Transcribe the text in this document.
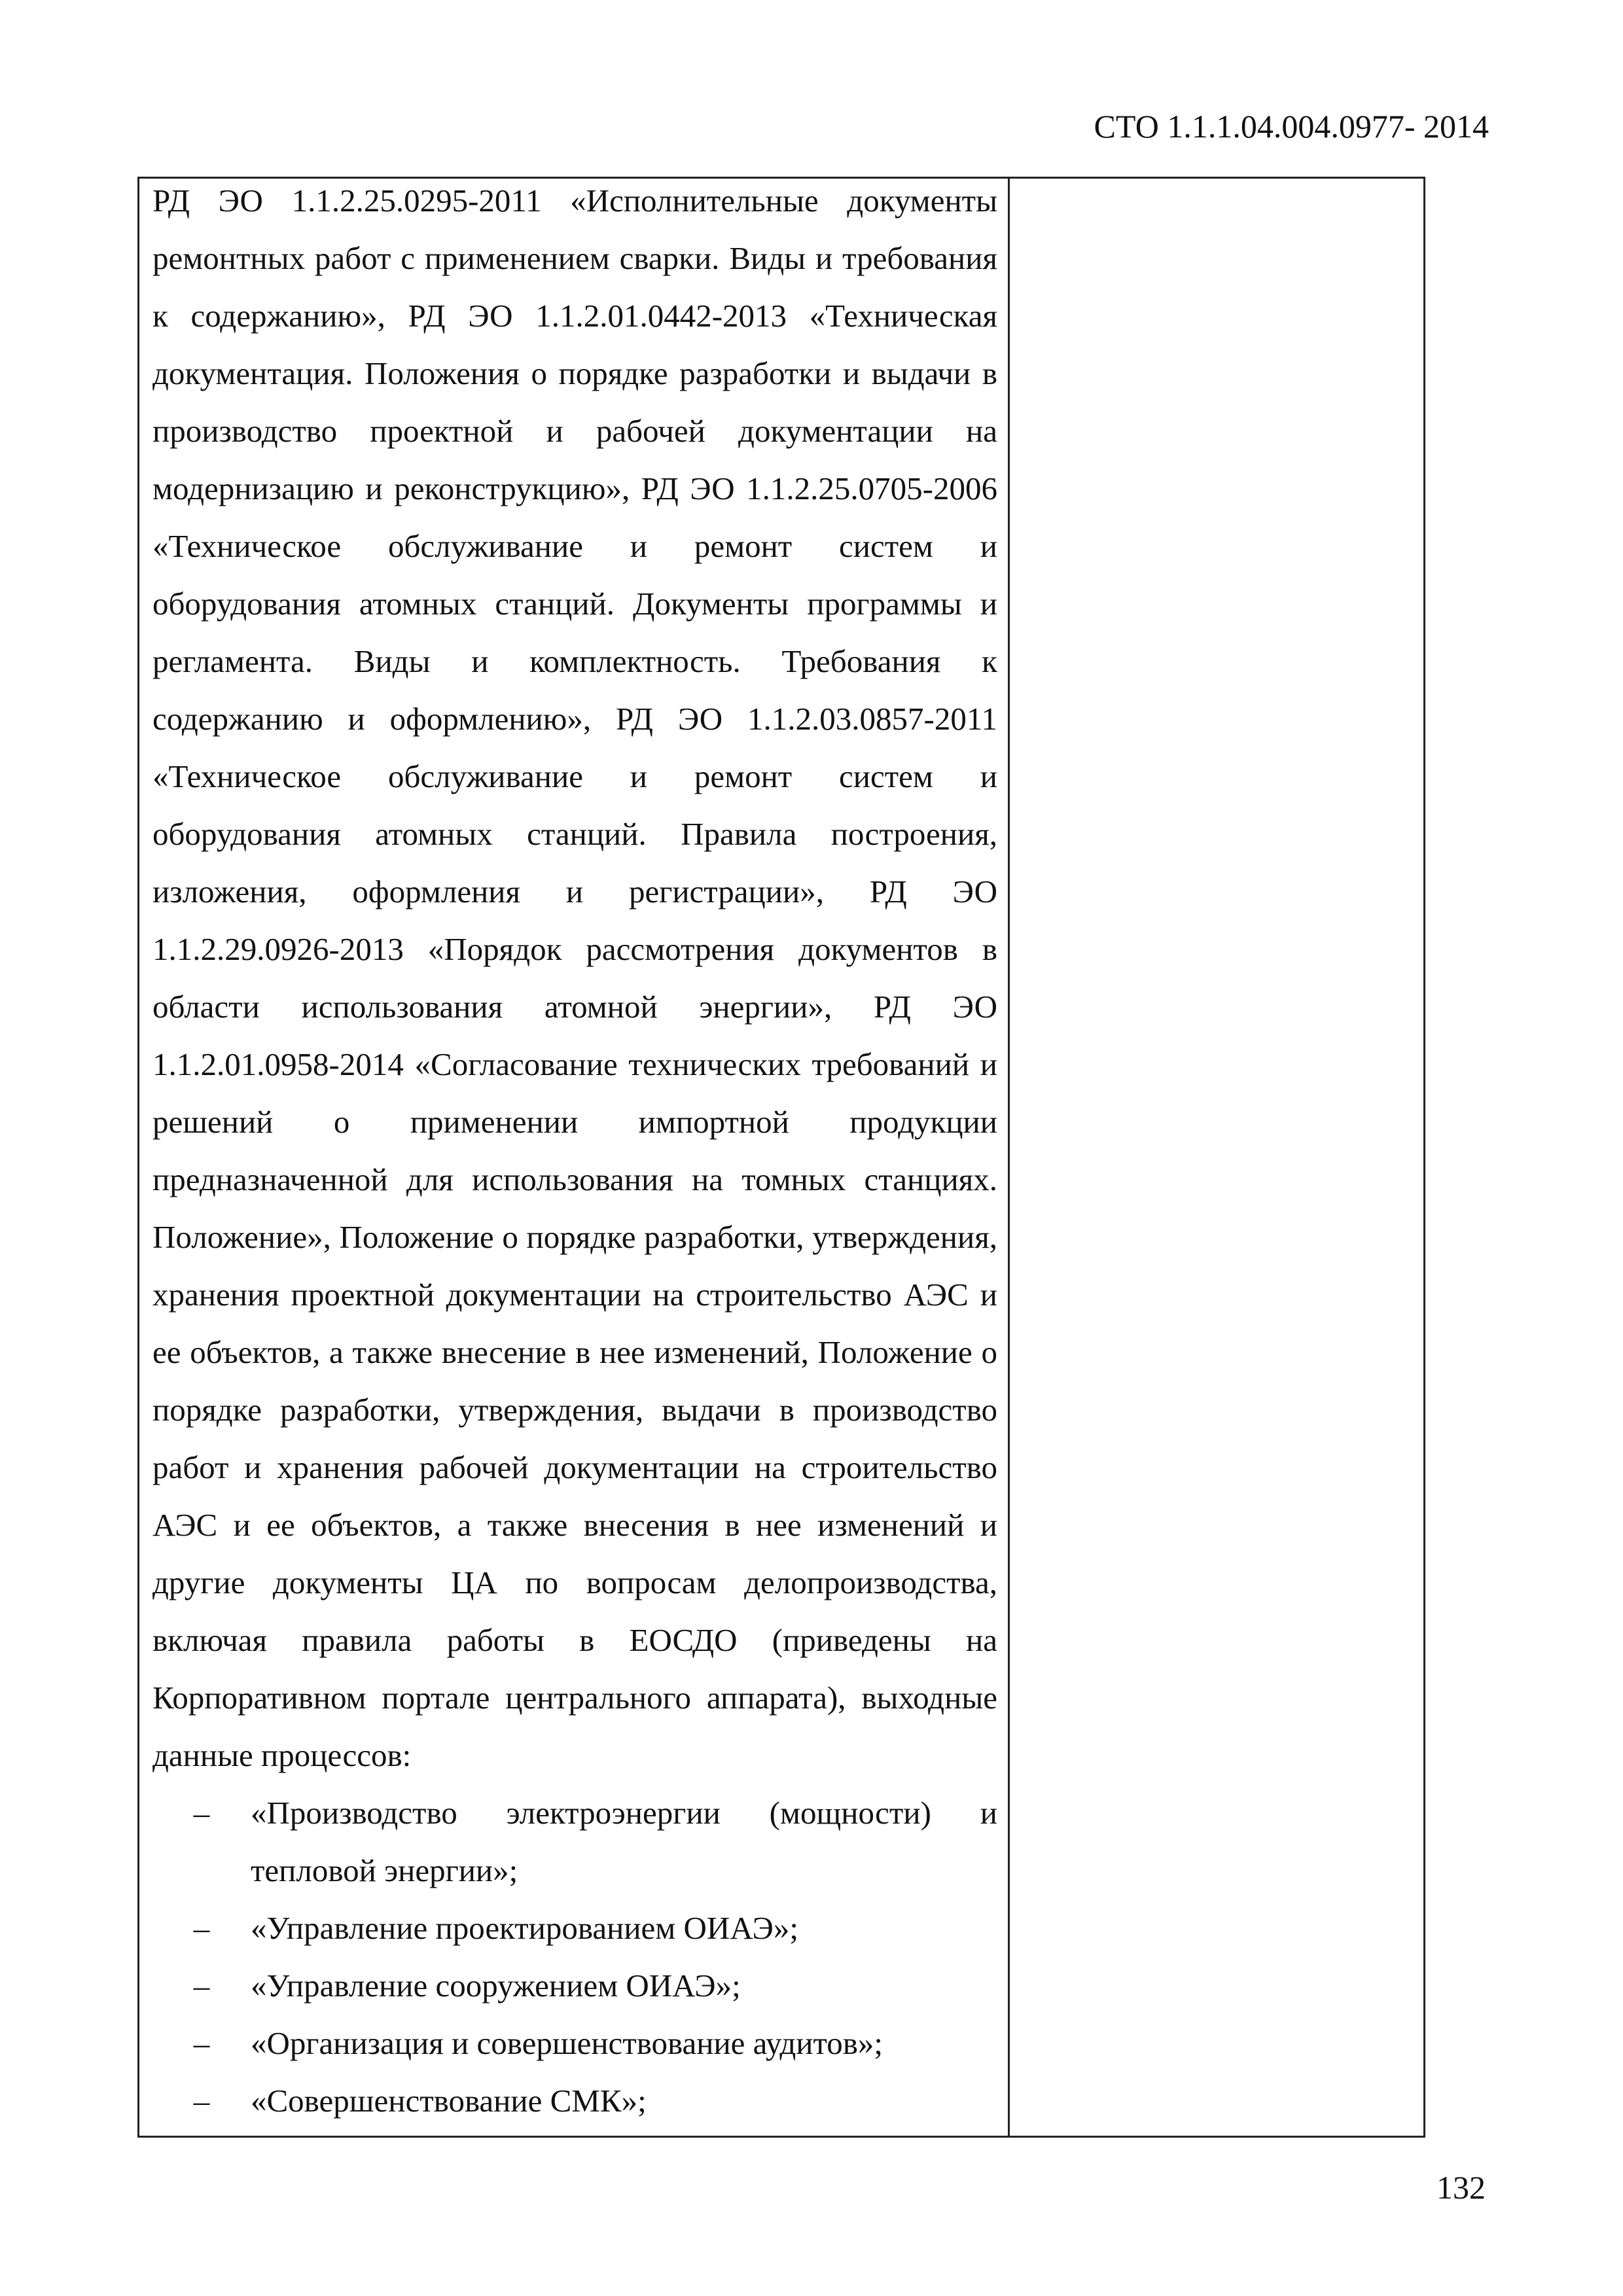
СТО 1.1.1.04.004.0977- 2014

РД ЭО 1.1.2.25.0295-2011 «Исполнительные документы ремонтных работ с применением сварки. Виды и требования к содержанию», РД ЭО 1.1.2.01.0442-2013 «Техническая документация. Положения о порядке разработки и выдачи в производство проектной и рабочей документации на модернизацию и реконструкцию», РД ЭО 1.1.2.25.0705-2006 «Техническое обслуживание и ремонт систем и оборудования атомных станций. Документы программы и регламента. Виды и комплектность. Требования к содержанию и оформлению», РД ЭО 1.1.2.03.0857-2011 «Техническое обслуживание и ремонт систем и оборудования атомных станций. Правила построения, изложения, оформления и регистрации», РД ЭО 1.1.2.29.0926-2013 «Порядок рассмотрения документов в области использования атомной энергии», РД ЭО 1.1.2.01.0958-2014 «Согласование технических требований и решений о применении импортной продукции предназначенной для использования на томных станциях. Положение», Положение о порядке разработки, утверждения, хранения проектной документации на строительство АЭС и ее объектов, а также внесение в нее изменений, Положение о порядке разработки, утверждения, выдачи в производство работ и хранения рабочей документации на строительство АЭС и ее объектов, а также внесения в нее изменений и другие документы ЦА по вопросам делопроизводства, включая правила работы в ЕОСДО (приведены на Корпоративном портале центрального аппарата), выходные данные процессов:

–	«Производство электроэнергии (мощности) и тепловой энергии»;
–	«Управление проектированием ОИАЭ»;
–	«Управление сооружением ОИАЭ»;
–	«Организация и совершенствование аудитов»;
–	«Совершенствование СМК»;
132
